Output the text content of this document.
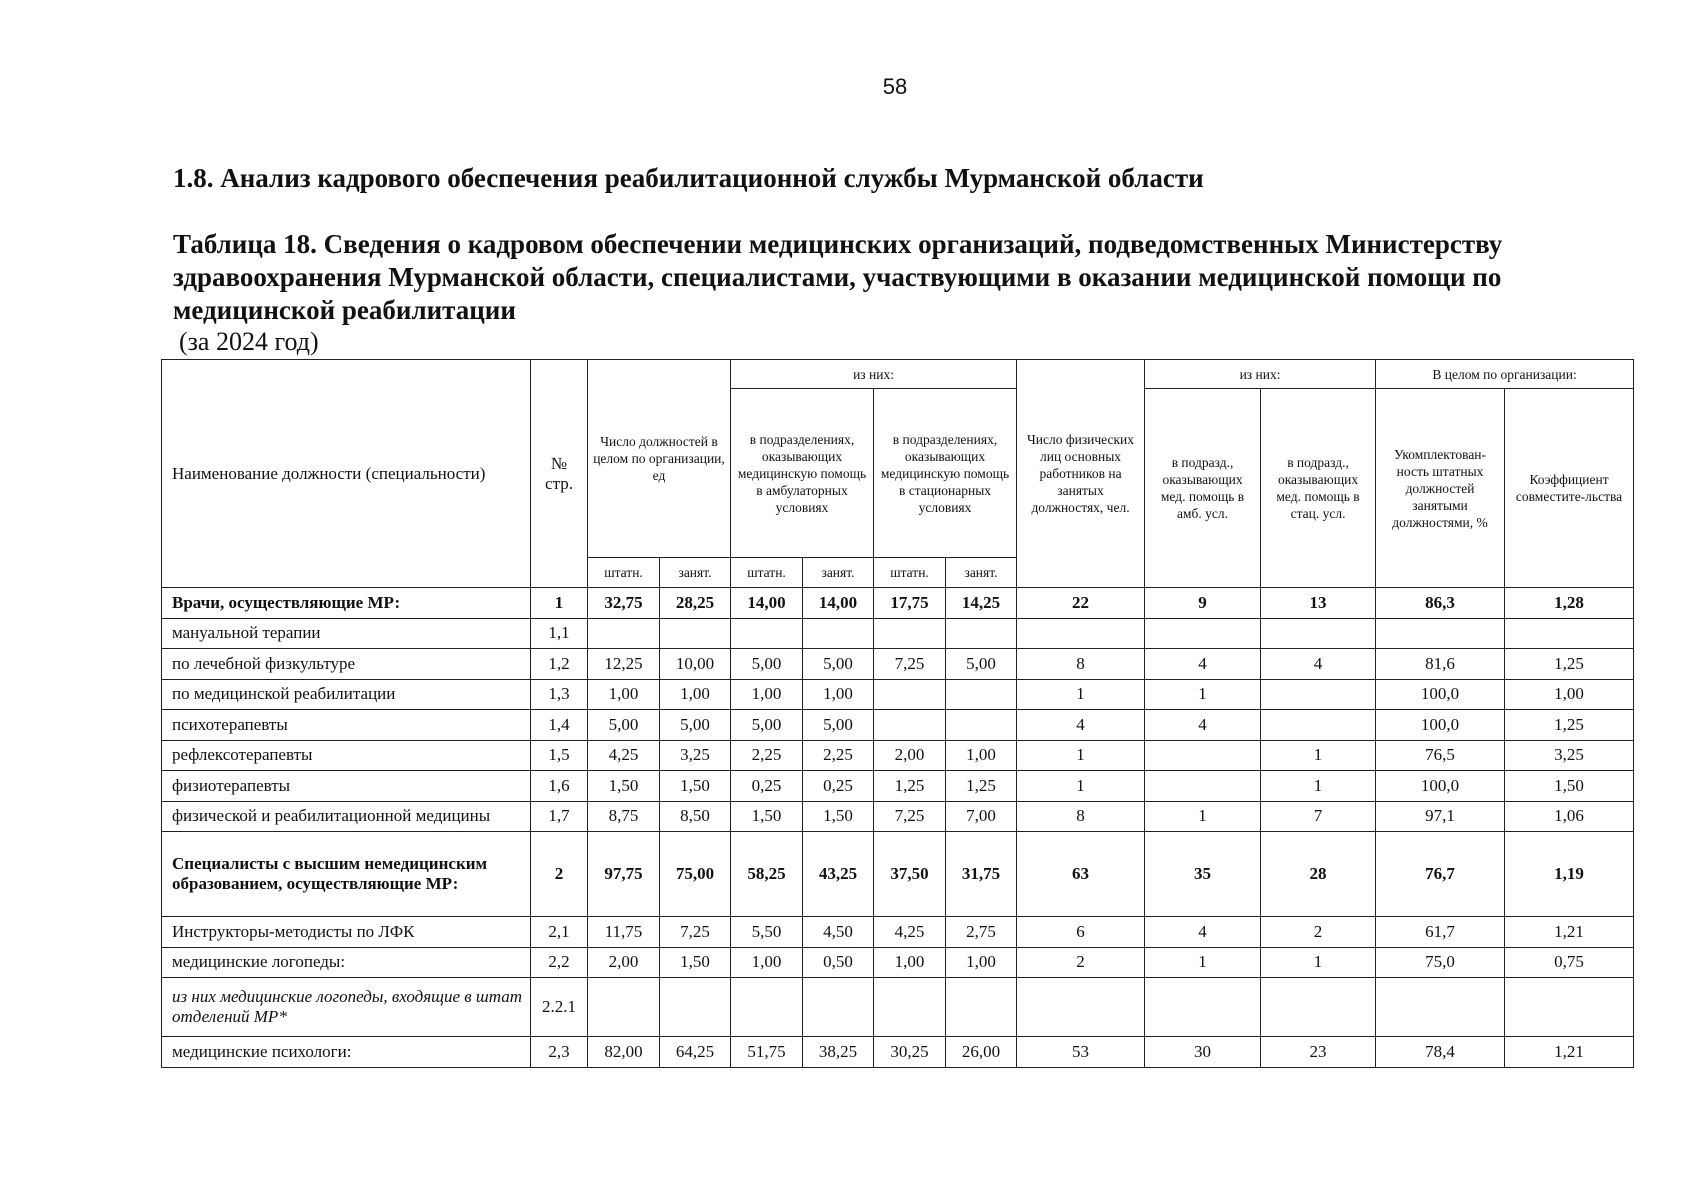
58
1.8. Анализ кадрового обеспечения реабилитационной службы Мурманской области
Таблица 18. Сведения о кадровом обеспечении медицинских организаций, подведомственных Министерству здравоохранения Мурманской области, специалистами, участвующими в оказании медицинской помощи по медицинской реабилитации
(за 2024 год)
Наименование должности (специальности)	№ стр.	Число должностей в целом по организации, ед		из них:				Число физических лиц основных работников на занятых должностях, чел.	из них:		В целом по организации:	
				в подразделениях, оказывающих медицинскую помощь в амбулаторных условиях		в подразделениях, оказывающих медицинскую помощь в стационарных условиях			в подразд., оказывающих мед. помощь в амб. усл.	в подразд., оказывающих мед. помощь в стац. усл.	Укомплектован-ность штатных должностей занятыми должностями, %	Коэффициент совместите-льства
		штатн.	занят.	штатн.	занят.	штатн.	занят.					
Врачи, осуществляющие МР:	1	32,75	28,25	14,00	14,00	17,75	14,25	22	9	13	86,3	1,28
мануальной терапии	1,1											
по лечебной физкультуре	1,2	12,25	10,00	5,00	5,00	7,25	5,00	8	4	4	81,6	1,25
по медицинской реабилитации	1,3	1,00	1,00	1,00	1,00			1	1		100,0	1,00
психотерапевты	1,4	5,00	5,00	5,00	5,00			4	4		100,0	1,25
рефлексотерапевты	1,5	4,25	3,25	2,25	2,25	2,00	1,00	1		1	76,5	3,25
физиотерапевты	1,6	1,50	1,50	0,25	0,25	1,25	1,25	1		1	100,0	1,50
физической и реабилитационной медицины	1,7	8,75	8,50	1,50	1,50	7,25	7,00	8	1	7	97,1	1,06
Специалисты с высшим немедицинским образованием, осуществляющие МР:	2	97,75	75,00	58,25	43,25	37,50	31,75	63	35	28	76,7	1,19
Инструкторы-методисты по ЛФК	2,1	11,75	7,25	5,50	4,50	4,25	2,75	6	4	2	61,7	1,21
медицинские логопеды:	2,2	2,00	1,50	1,00	0,50	1,00	1,00	2	1	1	75,0	0,75
из них медицинские логопеды, входящие в штат отделений МР*	2.2.1											
медицинские психологи:	2,3	82,00	64,25	51,75	38,25	30,25	26,00	53	30	23	78,4	1,21
